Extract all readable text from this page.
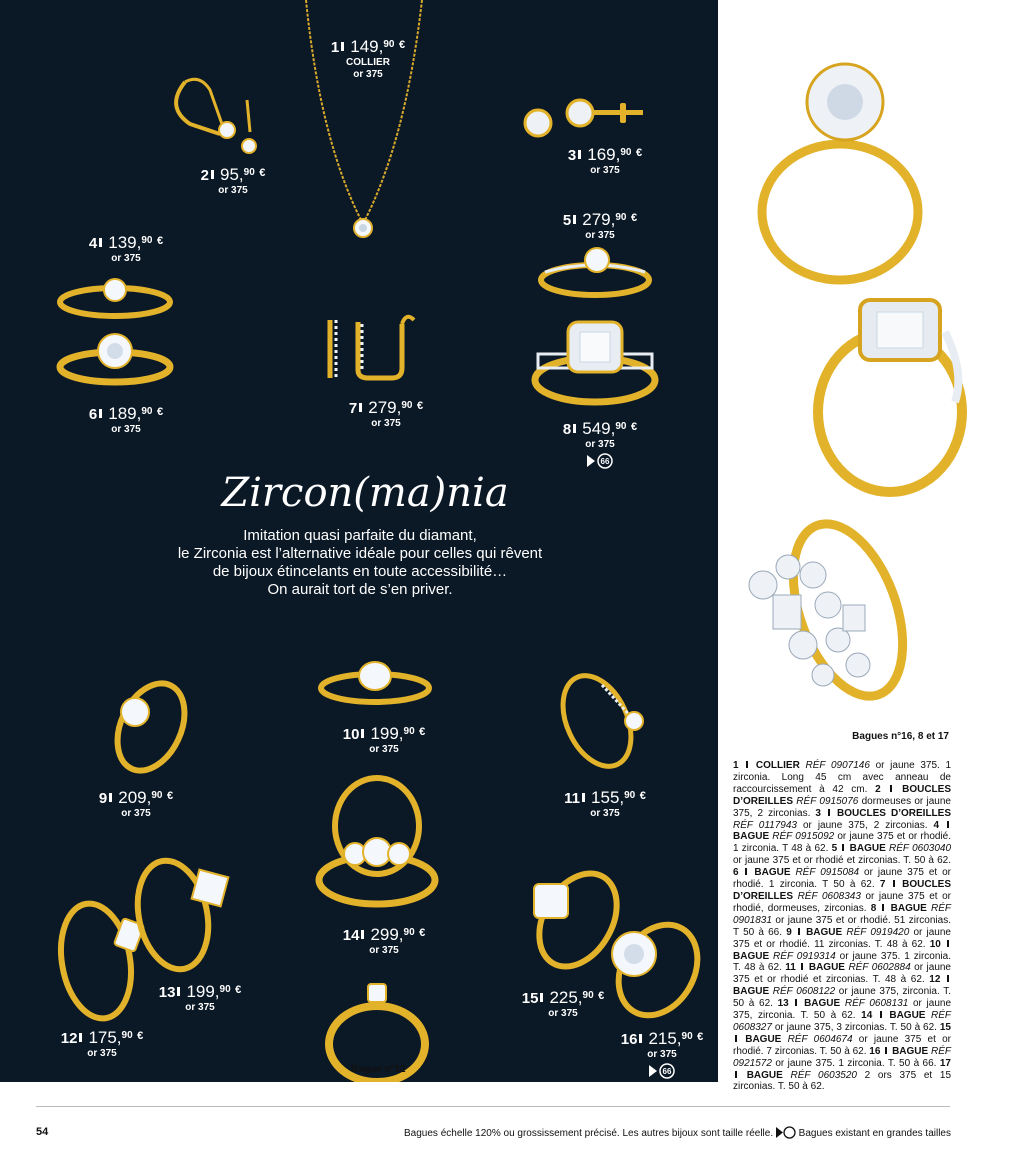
1 149,90 €
COLLIER
or 375
2 95,90 €
or 375
3 169,90 €
or 375
4 139,90 €
or 375
5 279,90 €
or 375
6 189,90 €
or 375
7 279,90 €
or 375	8 549,90 €
or 375
66
9 209,90 €
or 375
10 199,90 €
or 375
11 155,90 €
or 375
12 175,90 €
or 375
13 199,90 €
or 375
14 299,90 €
or 375
15 225,90 €
or 375
16 215,90 €
or 375
66
Zircon(ma)nia
Imitation quasi parfaite du diamant,
le Zirconia est l’alternative idéale pour celles qui rêvent
de bijoux étincelants en toute accessibilité…
On aurait tort de s’en priver.
Bague n°12
Bagues n°16, 8 et 17

1  COLLIER RÉF 0907146 or jaune 375. 1 zirconia. Long 45 cm avec anneau de raccourcissement à 42 cm.

2  BOUCLES D’OREILLES RÉF 0915076 dormeuses or jaune 375, 2 zirconias.

3  BOUCLES D’OREILLES RÉF 0117943 or jaune 375, 2 zirconias.

4  BAGUE RÉF 0915092 or jaune 375 et or rhodié. 1 zirconia. T 48 à 62.

5  BAGUE RÉF 0603040 or jaune 375 et or rhodié et zirconias. T. 50 à 62.

6  BAGUE RÉF 0915084 or jaune 375 et or rhodié. 1 zirconia. T 50 à 62.

7  BOUCLES D’OREILLES RÉF 0608343 or jaune 375 et or rhodié, dormeuses, zirconias.

8  BAGUE RÉF 0901831 or jaune 375 et or rhodié. 51 zirconias. T 50 à 66.

9  BAGUE RÉF 0919420 or jaune 375 et or rhodié. 11 zirconias. T. 48 à 62.

10  BAGUE RÉF 0919314 or jaune 375. 1 zirconia. T. 48 à 62.

11  BAGUE RÉF 0602884 or jaune 375 et or rhodié et zirconias. T. 48 à 62.

12  BAGUE RÉF 0608122 or jaune 375, zirconia. T. 50 à 62.

13  BAGUE RÉF 0608131 or jaune 375, zirconia. T. 50 à 62.

14  BAGUE RÉF 0608327 or jaune 375, 3 zirconias. T. 50 à 62.

15  BAGUE RÉF 0604674 or jaune 375 et or rhodié. 7 zirconias. T. 50 à 62.

16  BAGUE RÉF 0921572 or jaune 375. 1 zirconia. T. 50 à 66.

17  BAGUE RÉF 0603520 2 ors 375 et 15 zirconias. T. 50 à 62.

54	Bagues échelle 120% ou grossissement précisé. Les autres bijoux sont taille réelle.	Bagues existant en grandes tailles
